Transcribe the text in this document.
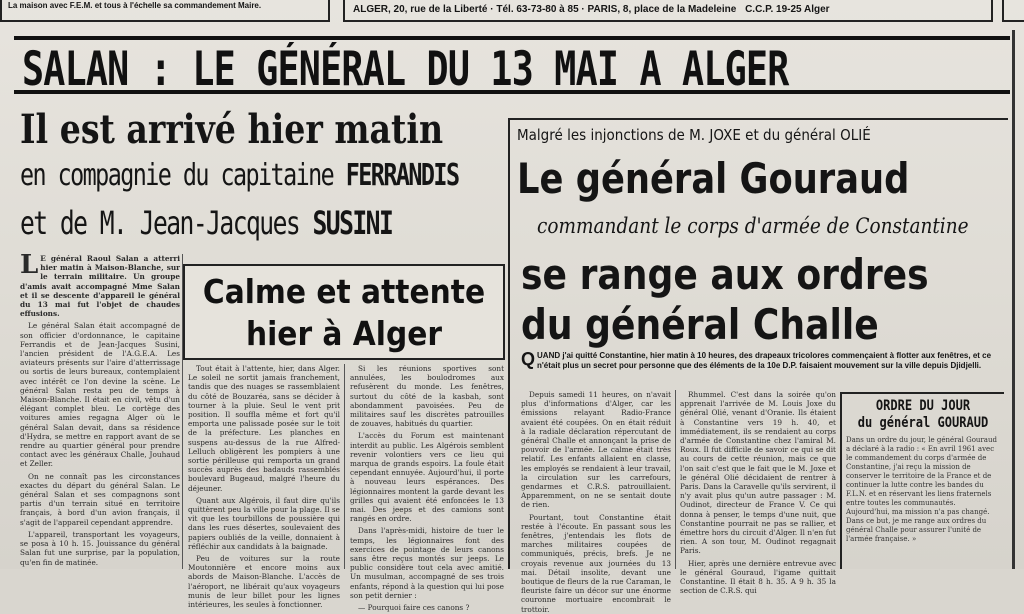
La maison avec F.E.M. et tous à l'échelle sa commandement Maire.	ALGER, 20, rue de la Liberté · Tél. 63-73-80 à 85 · PARIS, 8, place de la Madeleine C.C.P. 19-25 Alger
SALAN : LE GÉNÉRAL DU 13 MAI A ALGER
Il est arrivé hier matin
en compagnie du capitaine FERRANDIS
et de M. Jean-Jacques SUSINI

L E général Raoul Salan a atterri hier matin à Maison-Blanche, sur le terrain militaire. Un groupe d'amis avait accompagné Mme Salan et il se descente d'appareil le général du 13 mai fut l'objet de chaudes effusions.

Le général Salan était accompagné de son officier d'ordonnance, le capitaine Ferrandis et de Jean-Jacques Susini, l'ancien président de l'A.G.E.A. Les aviateurs présents sur l'aire d'atterrissage ou sortis de leurs bureaux, contemplaient avec intérêt ce l'on devine la scène. Le général Salan resta peu de temps à Maison-Blanche. Il était en civil, vêtu d'un élégant complet bleu. Le cortège des voitures amies regagna Alger où le général Salan devait, dans sa résidence d'Hydra, se mettre en rapport avant de se rendre au quartier général pour prendre contact avec les généraux Challe, Jouhaud et Zeller.

On ne connaît pas les circonstances exactes du départ du général Salan. Le général Salan et ses compagnons sont partis d'un terrain situé en territoire français, à bord d'un avion français, il s'agit de l'appareil cependant apprendre.

L'appareil, transportant les voyageurs, se posa à 10 h. 15. Jouissance du général Salan fut une surprise, par la population, qu'en fin de matinée.

Calme et attente
hier à Alger

Tout était à l'attente, hier, dans Alger. Le soleil ne sortit jamais franchement, tandis que des nuages se rassemblaient du côté de Bouzaréa, sans se décider à tourner à la pluie. Seul le vent prit position. Il souffla même et fort qu'il emporta une palissade posée sur le toit de la préfecture. Les planches en suspens au-dessus de la rue Alfred-Lelluch obligèrent les pompiers à une sortie périlleuse qui remporta un grand succès auprès des badauds rassemblés boulevard Bugeaud, malgré l'heure du déjeuner.

Quant aux Algérois, il faut dire qu'ils quittèrent peu la ville pour la plage. Il se vit que les tourbillons de poussière qui dans les rues désertes, soulevaient des papiers oubliés de la veille, donnaient à réfléchir aux candidats à la baignade.

Peu de voitures sur la route Moutonnière et encore moins aux abords de Maison-Blanche. L'accès de l'aéroport, ne libérait qu'aux voyageurs munis de leur billet pour les lignes intérieures, les seules à fonctionner.

Si les réunions sportives sont annulées, les boulodromes aux refusèrent du monde. Les fenêtres, surtout du côté de la kasbah, sont abondamment pavoisées. Peu de militaires sauf les discrètes patrouilles de zouaves, habitués du quartier.

L'accès du Forum est maintenant interdit au public. Les Algérois semblent revenir volontiers vers ce lieu qui marqua de grands espoirs. La foule était cependant ennuyée. Aujourd'hui, il porte à nouveau leurs espérances. Des légionnaires montent la garde devant les grilles qui avaient été enfoncées le 13 mai. Des jeeps et des camions sont rangés en ordre.

Dans l'après-midi, histoire de tuer le temps, les légionnaires font des exercices de pointage de leurs canons sans être reçus montés sur jeeps. Le public considère tout cela avec amitié. Un musulman, accompagné de ses trois enfants, répond à la question qui lui pose son petit dernier :

— Pourquoi faire ces canons ?

Malgré les injonctions de M. JOXE et du général OLIÉ
Le général Gouraud
commandant le corps d'armée de Constantine
se range aux ordres
du général Challe
QUAND j'ai quitté Constantine, hier matin à 10 heures, des drapeaux tricolores commençaient à flotter aux fenêtres, et ce n'était plus un secret pour personne que des éléments de la 10e D.P. faisaient mouvement sur la ville depuis Djidjelli.

Depuis samedi 11 heures, on n'avait plus d'informations d'Alger, car les émissions relayant Radio-France avaient été coupées. On en était réduit à la radiale déclaration répercutant de général Challe et annonçant la prise de pouvoir de l'armée. Le calme était très relatif. Les enfants allaient en classe, les employés se rendaient à leur travail, la circulation sur les carrefours, gendarmes et C.R.S. patrouillaient. Apparemment, on ne se sentait doute de rien.

Pourtant, tout Constantine était restée à l'écoute. En passant sous les fenêtres, j'entendais les flots de marches militaires coupées de communiqués, précis, brefs. Je ne croyais revenue aux journées du 13 mai. Détail insolite, devant une boutique de fleurs de la rue Caraman, le fleuriste faire un décor sur une énorme couronne mortuaire encombrait le trottoir.

Rhummel. C'est dans la soirée qu'on apprenait l'arrivée de M. Louis Joxe du général Olié, venant d'Oranie. Ils étaient à Constantine vers 19 h. 40, et immédiatement, ils se rendaient au corps d'armée de Constantine chez l'amiral M. Roux. Il fut difficile de savoir ce qui se dit au cours de cette réunion, mais ce que l'on sait c'est que le fait que le M. Joxe et le général Olié décidaient de rentrer à Paris. Dans la Caravelle qu'ils servirent, il n'y avait plus qu'un autre passager : M. Oudinot, directeur de France V. Ce qui donna à penser, le temps d'une nuit, que Constantine pourrait ne pas se rallier, et émettre hors du circuit d'Alger. Il n'en fut rien. A son tour, M. Oudinot regagnait Paris.

Hier, après une dernière entrevue avec le général Gouraud, l'igame quittait Constantine. Il était 8 h. 35. A 9 h. 35 la section de C.R.S. qui

ORDRE DU JOUR
du général GOURAUD
Dans un ordre du jour, le général Gouraud a déclaré à la radio : « En avril 1961 avec le commandement du corps d'armée de Constantine, j'ai reçu la mission de conserver le territoire de la France et de continuer la lutte contre les bandes du F.L.N. et en réservant les liens fraternels entre toutes les communautés. Aujourd'hui, ma mission n'a pas changé. Dans ce but, je me range aux ordres du général Challe pour assurer l'unité de l'armée française. »
